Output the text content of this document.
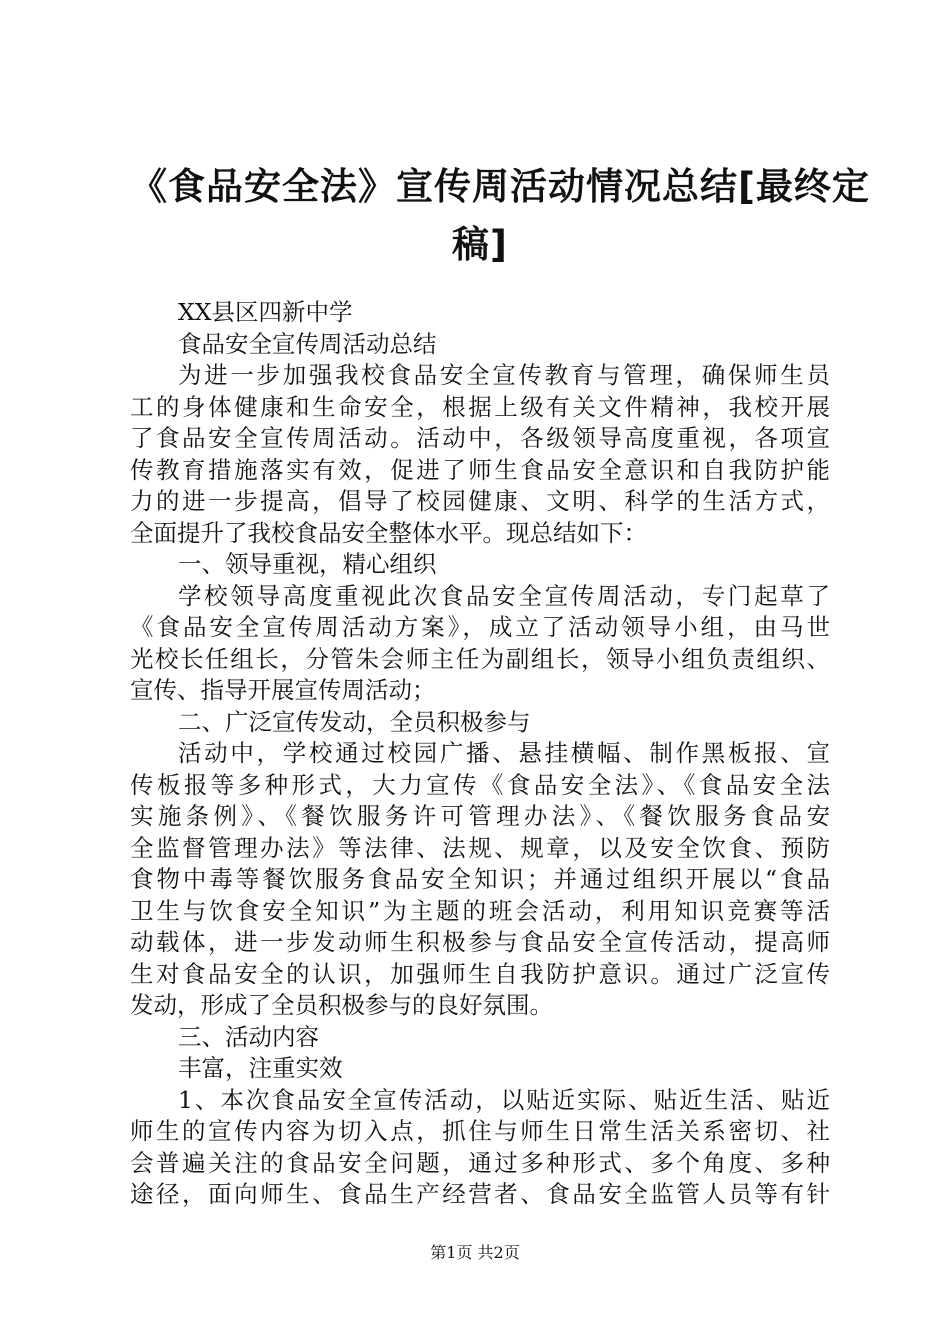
《食品安全法》宣传周活动情况总结[最终定
稿]
XX县区四新中学
食品安全宣传周活动总结
为进一步加强我校食品安全宣传教育与管理，确保师生员
工的身体健康和生命安全，根据上级有关文件精神，我校开展
了食品安全宣传周活动。活动中，各级领导高度重视，各项宣
传教育措施落实有效，促进了师生食品安全意识和自我防护能
力的进一步提高，倡导了校园健康、文明、科学的生活方式，
全面提升了我校食品安全整体水平。现总结如下：
一、领导重视，精心组织
学校领导高度重视此次食品安全宣传周活动，专门起草了
《食品安全宣传周活动方案》，成立了活动领导小组，由马世
光校长任组长，分管朱会师主任为副组长，领导小组负责组织、
宣传、指导开展宣传周活动；
二、广泛宣传发动，全员积极参与
活动中，学校通过校园广播、悬挂横幅、制作黑板报、宣
传板报等多种形式，大力宣传《食品安全法》、《食品安全法
实施条例》、《餐饮服务许可管理办法》、《餐饮服务食品安
全监督管理办法》等法律、法规、规章，以及安全饮食、预防
食物中毒等餐饮服务食品安全知识；并通过组织开展以“食品
卫生与饮食安全知识”为主题的班会活动，利用知识竞赛等活
动载体，进一步发动师生积极参与食品安全宣传活动，提高师
生对食品安全的认识，加强师生自我防护意识。通过广泛宣传
发动，形成了全员积极参与的良好氛围。
三、活动内容
丰富，注重实效
1、本次食品安全宣传活动，以贴近实际、贴近生活、贴近
师生的宣传内容为切入点，抓住与师生日常生活关系密切、社
会普遍关注的食品安全问题，通过多种形式、多个角度、多种
途径，面向师生、食品生产经营者、食品安全监管人员等有针
第1页 共2页
